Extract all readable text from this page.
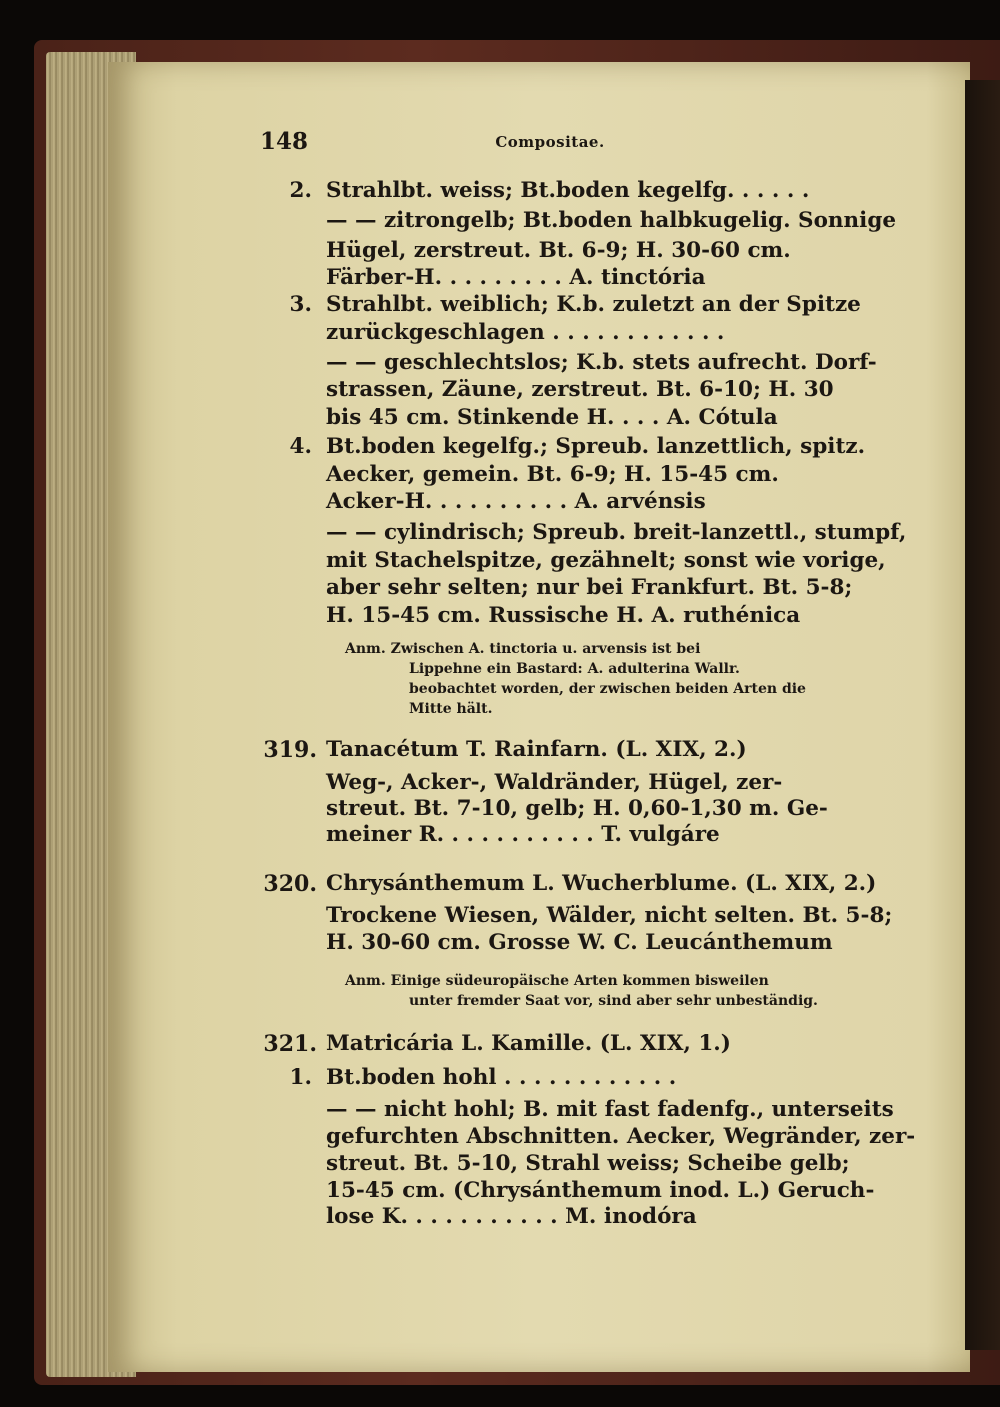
148	Compositae.
2. Strahlbt. weiss; Bt.boden kegelfg. . . . . .
— — zitrongelb; Bt.boden halbkugelig. Sonnige
Hügel, zerstreut. Bt. 6-9; H. 30-60 cm.
Färber-H. . . . . . . . . A. tinctória
3. Strahlbt. weiblich; K.b. zuletzt an der Spitze
zurückgeschlagen . . . . . . . . . . . .
— — geschlechtslos; K.b. stets aufrecht. Dorf-
strassen, Zäune, zerstreut. Bt. 6-10; H. 30
bis 45 cm. Stinkende H. . . . A. Cótula
4. Bt.boden kegelfg.; Spreub. lanzettlich, spitz.
Aecker, gemein. Bt. 6-9; H. 15-45 cm.
Acker-H. . . . . . . . . . A. arvénsis
— — cylindrisch; Spreub. breit-lanzettl., stumpf,
mit Stachelspitze, gezähnelt; sonst wie vorige,
aber sehr selten; nur bei Frankfurt. Bt. 5-8;
H. 15-45 cm. Russische H. A. ruthénica
Anm. Zwischen A. tinctoria u. arvensis ist bei
Lippehne ein Bastard: A. adulterina Wallr.
beobachtet worden, der zwischen beiden Arten die
Mitte hält.
319. Tanacétum T. Rainfarn. (L. XIX, 2.)
Weg-, Acker-, Waldränder, Hügel, zer-
streut. Bt. 7-10, gelb; H. 0,60-1,30 m. Ge-
meiner R. . . . . . . . . . . T. vulgáre
320. Chrysánthemum L. Wucherblume. (L. XIX, 2.)
Trockene Wiesen, Wälder, nicht selten. Bt. 5-8;
H. 30-60 cm. Grosse W. C. Leucánthemum
Anm. Einige südeuropäische Arten kommen bisweilen
unter fremder Saat vor, sind aber sehr unbeständig.
321. Matricária L. Kamille. (L. XIX, 1.)
1. Bt.boden hohl . . . . . . . . . . . .
— — nicht hohl; B. mit fast fadenfg., unterseits
gefurchten Abschnitten. Aecker, Wegränder, zer-
streut. Bt. 5-10, Strahl weiss; Scheibe gelb;
15-45 cm. (Chrysánthemum inod. L.) Geruch-
lose K. . . . . . . . . . . M. inodóra
